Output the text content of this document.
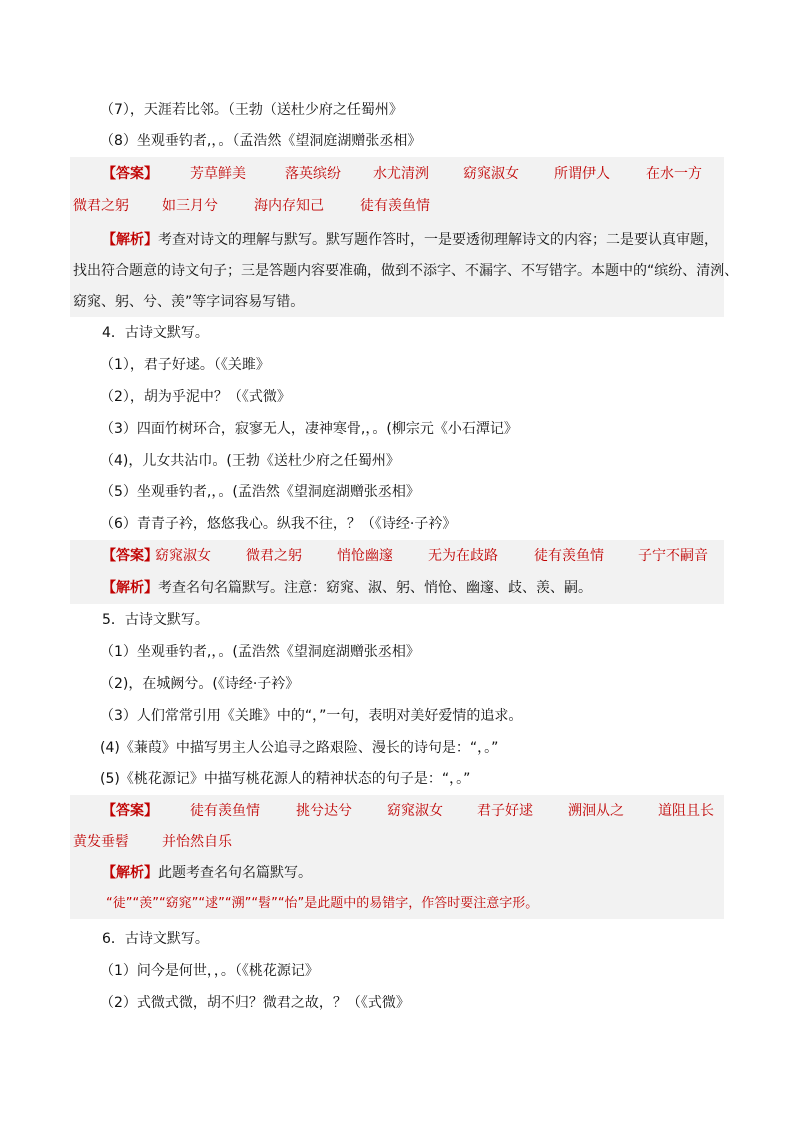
（7），天涯若比邻。（王勃（送杜少府之任蜀州》
（8）坐观垂钓者,，。（孟浩然《望洞庭湖赠张丞相》
【答案】 芳草鲜美	落英缤纷 水尤清洌 窈窕淑女	所谓伊人	在水一方
微君之躬 如三月兮	海内存知己	徒有羡鱼情
【解析】考查对诗文的理解与默写。默写题作答时，一是要透彻理解诗文的内容；二是要认真审题，
找出符合题意的诗文句子；三是答题内容要准确，做到不添字、不漏字、不写错字。本题中的“缤纷、清洌、
窈窕、躬、兮、羡”等字词容易写错。
4．古诗文默写。
（1），君子好逑。（《关雎》
（2），胡为乎泥中？（《式微》
（3）四面竹树环合，寂寥无人，凄神寒骨,，。(柳宗元《小石潭记》
（4)，儿女共沾巾。(王勃《送杜少府之任蜀州》
（5）坐观垂钓者,，。(孟浩然《望洞庭湖赠张丞相》
（6）青青子衿，悠悠我心。纵我不往，？（《诗经·子衿》
【答案】
窈窕淑女	微君之躬	悄怆幽邃	无为在歧路	徒有羡鱼情 子宁不嗣音
【解析】考查名句名篇默写。注意：窈窕、淑、躬、悄怆、幽邃、歧、羡、嗣。
5．古诗文默写。
（1）坐观垂钓者,，。(孟浩然《望洞庭湖赠张丞相》
（2)，在城阙兮。(《诗经·子衿》
（3）人们常常引用《关雎》中的“，”一句，表明对美好爱情的追求。
(4)《蒹葭》中描写男主人公追寻之路艰险、漫长的诗句是：“，。”
(5)《桃花源记》中描写桃花源人的精神状态的句子是：“，。”
【答案】 徒有羡鱼情	挑兮达兮	窈窕淑女 君子好逑	溯洄从之 道阻且长
黄发垂髫 并怡然自乐
【解析】此题考查名句名篇默写。
“徒”“羡”“窈窕”“逑”“溯”“髫”“怡”是此题中的易错字，作答时要注意字形。
6．古诗文默写。
（1）问今是何世，，。（《桃花源记》
（2）式微式微，胡不归？微君之故，？（《式微》
